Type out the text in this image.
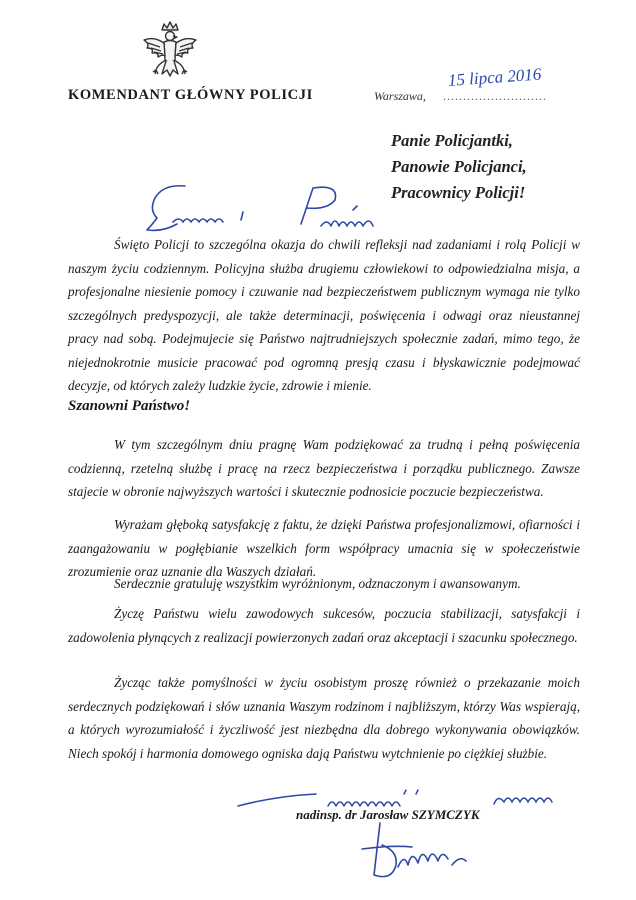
KOMENDANT GŁÓWNY POLICJI	Warszawa, ..........................
15 lipca 2016
Panie Policjantki,
Panowie Policjanci,
Pracownicy Policji!

Święto Policji to szczególna okazja do chwili refleksji nad zadaniami i rolą Policji w naszym życiu codziennym. Policyjna służba drugiemu człowiekowi to odpowiedzialna misja, a profesjonalne niesienie pomocy i czuwanie nad bezpieczeństwem publicznym wymaga nie tylko szczególnych predyspozycji, ale także determinacji, poświęcenia i odwagi oraz nieustannej pracy nad sobą. Podejmujecie się Państwo najtrudniejszych społecznie zadań, mimo tego, że niejednokrotnie musicie pracować pod ogromną presją czasu i błyskawicznie podejmować decyzje, od których zależy ludzkie życie, zdrowie i mienie.

Szanowni Państwo!

W tym szczególnym dniu pragnę Wam podziękować za trudną i pełną poświęcenia codzienną, rzetelną służbę i pracę na rzecz bezpieczeństwa i porządku publicznego. Zawsze stajecie w obronie najwyższych wartości i skutecznie podnosicie poczucie bezpieczeństwa.

Wyrażam głęboką satysfakcję z faktu, że dzięki Państwa profesjonalizmowi, ofiarności i zaangażowaniu w pogłębianie wszelkich form współpracy umacnia się w społeczeństwie zrozumienie oraz uznanie dla Waszych działań.

Serdecznie gratuluję wszystkim wyróżnionym, odznaczonym i awansowanym.

Życzę Państwu wielu zawodowych sukcesów, poczucia stabilizacji, satysfakcji i zadowolenia płynących z realizacji powierzonych zadań oraz akceptacji i szacunku społecznego.

Życząc także pomyślności w życiu osobistym proszę również o przekazanie moich serdecznych podziękowań i słów uznania Waszym rodzinom i najbliższym, którzy Was wspierają, a których wyrozumiałość i życzliwość jest niezbędna dla dobrego wykonywania obowiązków. Niech spokój i harmonia domowego ogniska dają Państwu wytchnienie po ciężkiej służbie.

nadinsp. dr Jarosław SZYMCZYK
